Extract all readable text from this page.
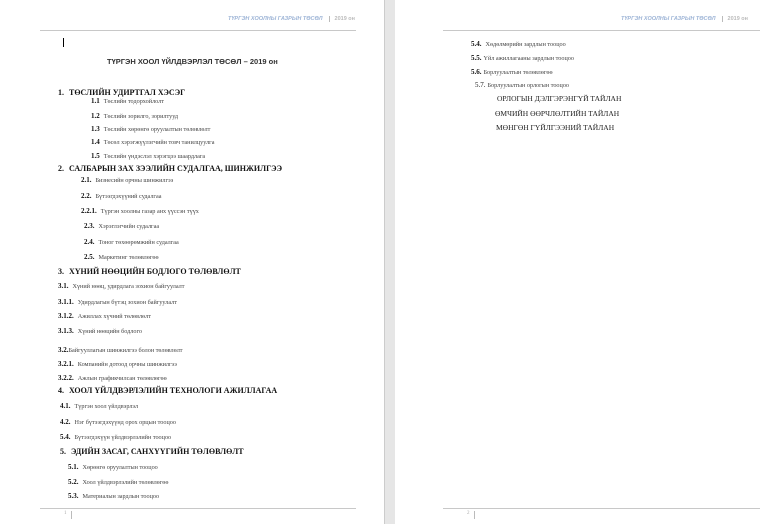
ТҮРГЭН ХООЛНЫ ГАЗРЫН ТӨСӨЛ 2019 он
ТҮРГЭН ХООЛ ҮЙЛДВЭРЛЭЛ ТӨСӨЛ – 2019 он
1. ТӨСЛИЙН УДИРТГАЛ ХЭСЭГ
1.1 Төслийн тодорхойлолт
1.2 Төслийн зорилго, зорилтууд
1.3 Төслийн хөрөнгө оруулалтын төлөвлөлт
1.4 Төсөл хэрэгжүүлэгчийн товч танилцуулга
1.5 Төслийн үндэслэл хэрэгцээ шаардлага
2. САЛБАРЫН ЗАХ ЗЭЭЛИЙН СУДАЛГАА, ШИНЖИЛГЭЭ
2.1. Бизнесийн орчны шинжилгээ
2.2. Бүтээгдэхүүний судалгаа
2.2.1. Түргэн хоолны газар анх үүссэн түүх
2.3. Хэрэглэгчийн судалгаа
2.4. Тоног төхөөрөмжийн судалгаа
2.5. Маркетинг төлөвлөгөө
3. ХҮНИЙ НӨӨЦИЙН БОДЛОГО ТӨЛӨВЛӨЛТ
3.1. Хүний нөөц, удирдлага зохион байгуулалт
3.1.1. Удирдлагын бүтэц зохион байгуулалт
3.1.2. Ажиллах хүчний төлөвлөлт
3.1.3. Хүний нөөцийн бодлого
3.2.Байгууллагын шинжилгээ болон төлөвлөлт
3.2.1. Компанийн дотоод орчны шинжилгээ
3.2.2. Ажлын графикчилсан төлөвлөгөө
4. ХООЛ ҮЙЛДВЭРЛЭЛИЙН ТЕХНОЛОГИ АЖИЛЛАГАА
4.1. Түргэн хоол үйлдвэрлэл
4.2. Нэг бүтээгдэхүүнд орох орцын тооцоо
5.4. Бүтээгдэхүүн үйлдвэрлэлийн тооцоо
5. ЭДИЙН ЗАСАГ, САНХҮҮГИЙН ТӨЛӨВЛӨЛТ
5.1. Хөрөнгө оруулалтын тооцоо
5.2. Хоол үйлдвэрлэлийн төлөвлөгөө
5.3. Материалын зардлын тооцоо
1
ТҮРГЭН ХООЛНЫ ГАЗРЫН ТӨСӨЛ 2019 он
5.4. Хөдөлмөрийн зардлын тооцоо
5.5. Үйл ажиллагааны зардлын тооцоо
5.6. Борлуулалтын төлөвлөгөө
5.7. Борлуулалтын орлогын тооцоо
ОРЛОГЫН ДЭЛГЭРЭНГҮЙ ТАЙЛАН
ӨМЧИЙН ӨӨРЧЛӨЛТИЙН ТАЙЛАН
МӨНГӨН ГҮЙЛГЭЭНИЙ ТАЙЛАН
2
